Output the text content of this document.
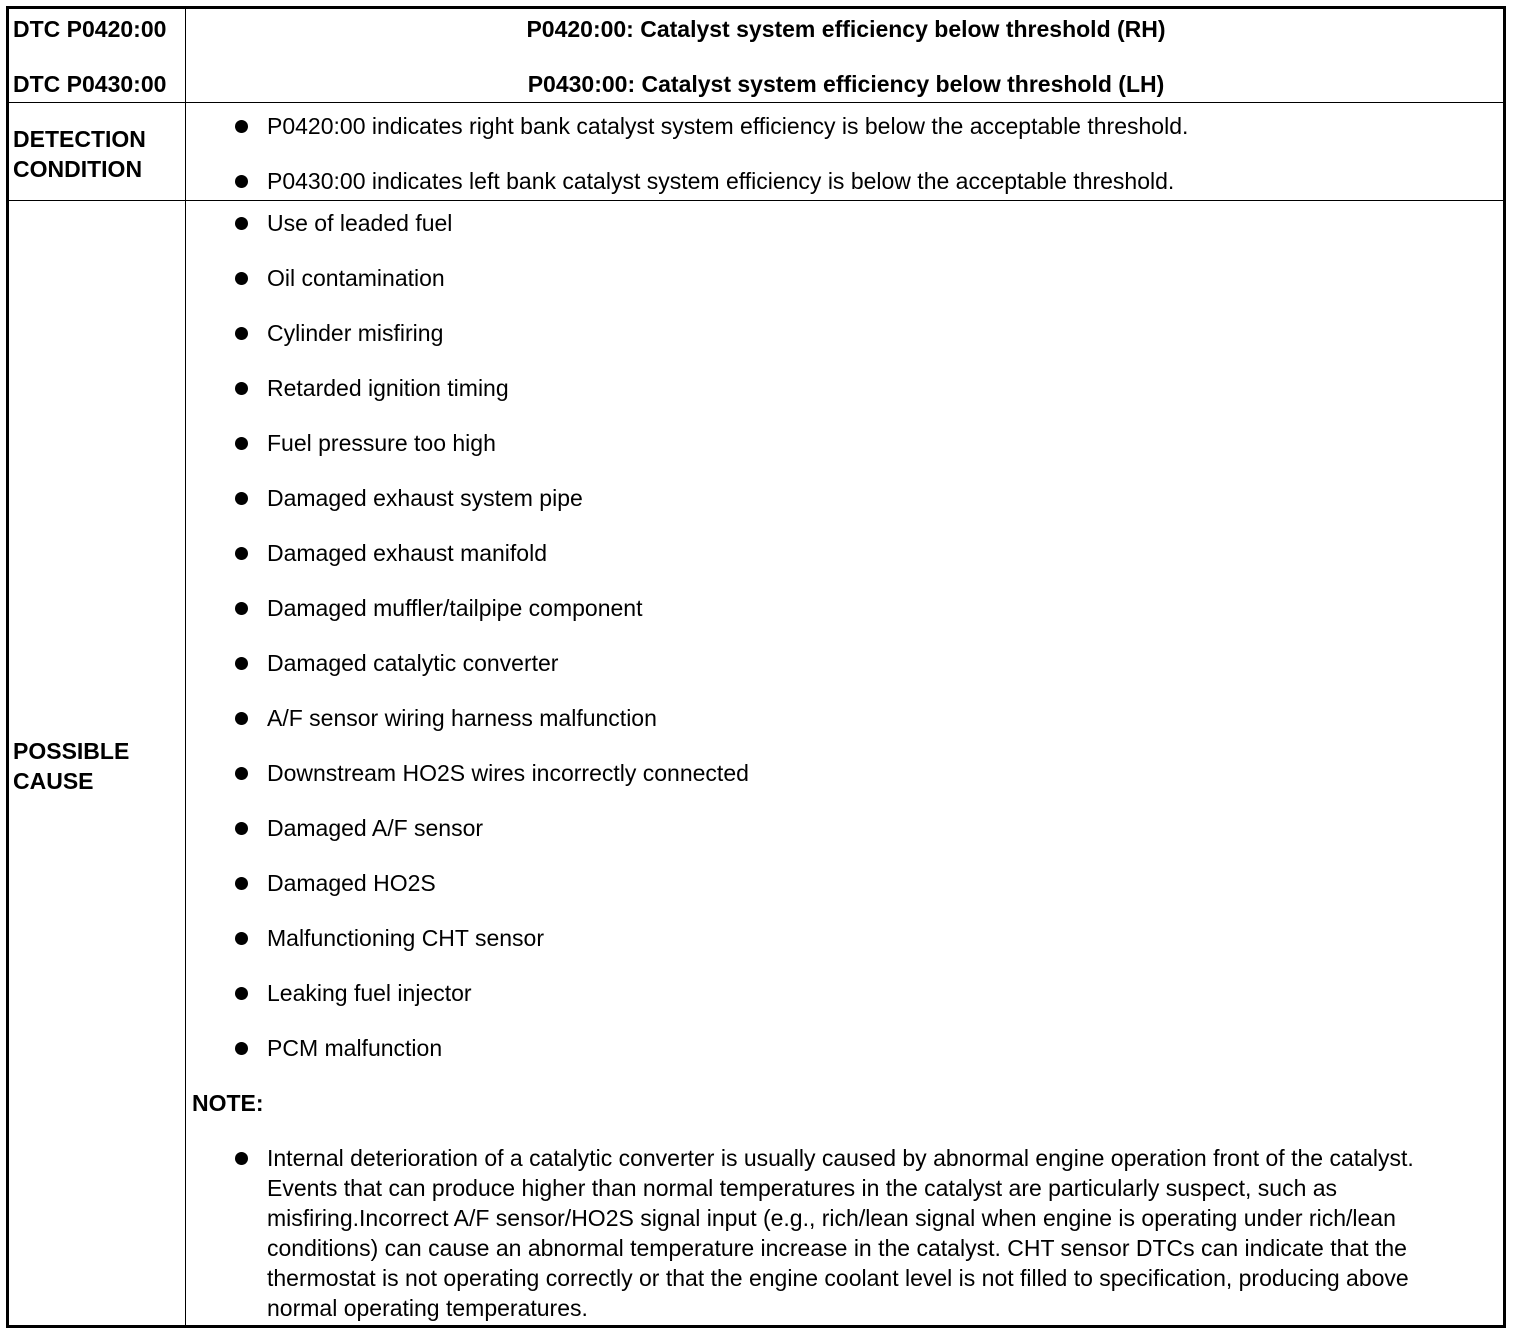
DTC P0420:00
DTC P0430:00
P0420:00: Catalyst system efficiency below threshold (RH)
P0430:00: Catalyst system efficiency below threshold (LH)
DETECTION
CONDITION
P0420:00 indicates right bank catalyst system efficiency is below the acceptable threshold.
P0430:00 indicates left bank catalyst system efficiency is below the acceptable threshold.
POSSIBLE
CAUSE
Use of leaded fuel
Oil contamination
Cylinder misfiring
Retarded ignition timing
Fuel pressure too high
Damaged exhaust system pipe
Damaged exhaust manifold
Damaged muffler/tailpipe component
Damaged catalytic converter
A/F sensor wiring harness malfunction
Downstream HO2S wires incorrectly connected
Damaged A/F sensor
Damaged HO2S
Malfunctioning CHT sensor
Leaking fuel injector
PCM malfunction
NOTE:
Internal deterioration of a catalytic converter is usually caused by abnormal engine operation front of the catalyst. Events that can produce higher than normal temperatures in the catalyst are particularly suspect, such as misfiring.Incorrect A/F sensor/HO2S signal input (e.g., rich/lean signal when engine is operating under rich/lean conditions) can cause an abnormal temperature increase in the catalyst. CHT sensor DTCs can indicate that the thermostat is not operating correctly or that the engine coolant level is not filled to specification, producing above normal operating temperatures.
